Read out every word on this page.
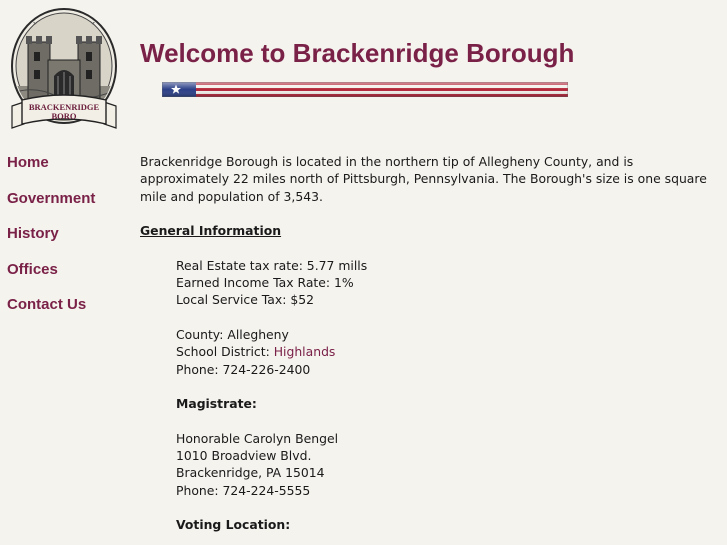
BRACKENRIDGE
BORO
Welcome to Brackenridge Borough
Home
Government
History
Offices
Contact Us

Brackenridge Borough is located in the northern tip of Allegheny County, and is approximately 22 miles north of Pittsburgh, Pennsylvania. The Borough's size is one square mile and population of 3,543.

General Information

Real Estate tax rate: 5.77 mills

Earned Income Tax Rate: 1%

Local Service Tax: $52

County: Allegheny

School District: Highlands

Phone: 724-226-2400

Magistrate:

Honorable Carolyn Bengel

1010 Broadview Blvd.

Brackenridge, PA 15014

Phone: 724-224-5555

Voting Location:
